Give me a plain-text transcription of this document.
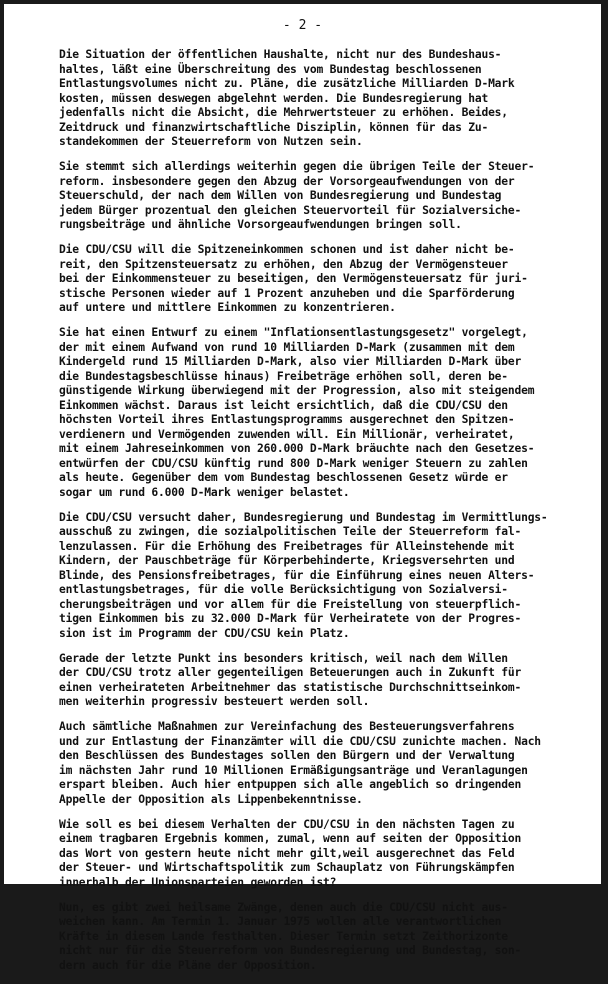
- 2 -
Die Situation der öffentlichen Haushalte, nicht nur des Bundeshaus-
haltes, läßt eine Überschreitung des vom Bundestag beschlossenen
Entlastungsvolumes nicht zu. Pläne, die zusätzliche Milliarden D-Mark
kosten, müssen deswegen abgelehnt werden. Die Bundesregierung hat
jedenfalls nicht die Absicht, die Mehrwertsteuer zu erhöhen. Beides,
Zeitdruck und finanzwirtschaftliche Disziplin, können für das Zu-
standekommen der Steuerreform von Nutzen sein.
Sie stemmt sich allerdings weiterhin gegen die übrigen Teile der Steuer-
reform. insbesondere gegen den Abzug der Vorsorgeaufwendungen von der
Steuerschuld, der nach dem Willen von Bundesregierung und Bundestag
jedem Bürger prozentual den gleichen Steuervorteil für Sozialversiche-
rungsbeiträge und ähnliche Vorsorgeaufwendungen bringen soll.
Die CDU/CSU will die Spitzeneinkommen schonen und ist daher nicht be-
reit, den Spitzensteuersatz zu erhöhen, den Abzug der Vermögensteuer
bei der Einkommensteuer zu beseitigen, den Vermögensteuersatz für juri-
stische Personen wieder auf 1 Prozent anzuheben und die Sparförderung
auf untere und mittlere Einkommen zu konzentrieren.
Sie hat einen Entwurf zu einem "Inflationsentlastungsgesetz" vorgelegt,
der mit einem Aufwand von rund 10 Milliarden D-Mark (zusammen mit dem
Kindergeld rund 15 Milliarden D-Mark, also vier Milliarden D-Mark über
die Bundestagsbeschlüsse hinaus) Freibeträge erhöhen soll, deren be-
günstigende Wirkung überwiegend mit der Progression, also mit steigendem
Einkommen wächst. Daraus ist leicht ersichtlich, daß die CDU/CSU den
höchsten Vorteil ihres Entlastungsprogramms ausgerechnet den Spitzen-
verdienern und Vermögenden zuwenden will. Ein Millionär, verheiratet,
mit einem Jahreseinkommen von 260.000 D-Mark bräuchte nach den Gesetzes-
entwürfen der CDU/CSU künftig rund 800 D-Mark weniger Steuern zu zahlen
als heute. Gegenüber dem vom Bundestag beschlossenen Gesetz würde er
sogar um rund 6.000 D-Mark weniger belastet.
Die CDU/CSU versucht daher, Bundesregierung und Bundestag im Vermittlungs-
ausschuß zu zwingen, die sozialpolitischen Teile der Steuerreform fal-
lenzulassen. Für die Erhöhung des Freibetrages für Alleinstehende mit
Kindern, der Pauschbeträge für Körperbehinderte, Kriegsversehrten und
Blinde, des Pensionsfreibetrages, für die Einführung eines neuen Alters-
entlastungsbetrages, für die volle Berücksichtigung von Sozialversi-
cherungsbeiträgen und vor allem für die Freistellung von steuerpflich-
tigen Einkommen bis zu 32.000 D-Mark für Verheiratete von der Progres-
sion ist im Programm der CDU/CSU kein Platz.
Gerade der letzte Punkt ins besonders kritisch, weil nach dem Willen
der CDU/CSU trotz aller gegenteiligen Beteuerungen auch in Zukunft für
einen verheirateten Arbeitnehmer das statistische Durchschnittseinkom-
men weiterhin progressiv besteuert werden soll.
Auch sämtliche Maßnahmen zur Vereinfachung des Besteuerungsverfahrens
und zur Entlastung der Finanzämter will die CDU/CSU zunichte machen. Nach
den Beschlüssen des Bundestages sollen den Bürgern und der Verwaltung
im nächsten Jahr rund 10 Millionen Ermäßigungsanträge und Veranlagungen
erspart bleiben. Auch hier entpuppen sich alle angeblich so dringenden
Appelle der Opposition als Lippenbekenntnisse.
Wie soll es bei diesem Verhalten der CDU/CSU in den nächsten Tagen zu
einem tragbaren Ergebnis kommen, zumal, wenn auf seiten der Opposition
das Wort von gestern heute nicht mehr gilt,weil ausgerechnet das Feld
der Steuer- und Wirtschaftspolitik zum Schauplatz von Führungskämpfen
innerhalb der Unionsparteien geworden ist?
Nun, es gibt zwei heilsame Zwänge, denen auch die CDU/CSU nicht aus-
weichen kann. Am Termin 1. Januar 1975 wollen alle verantwortlichen
Kräfte in diesem Lande festhalten. Dieser Termin setzt Zeithorizonte
nicht nur für die Steuerreform von Bundesregierung und Bundestag, son-
dern auch für die Pläne der Opposition.
